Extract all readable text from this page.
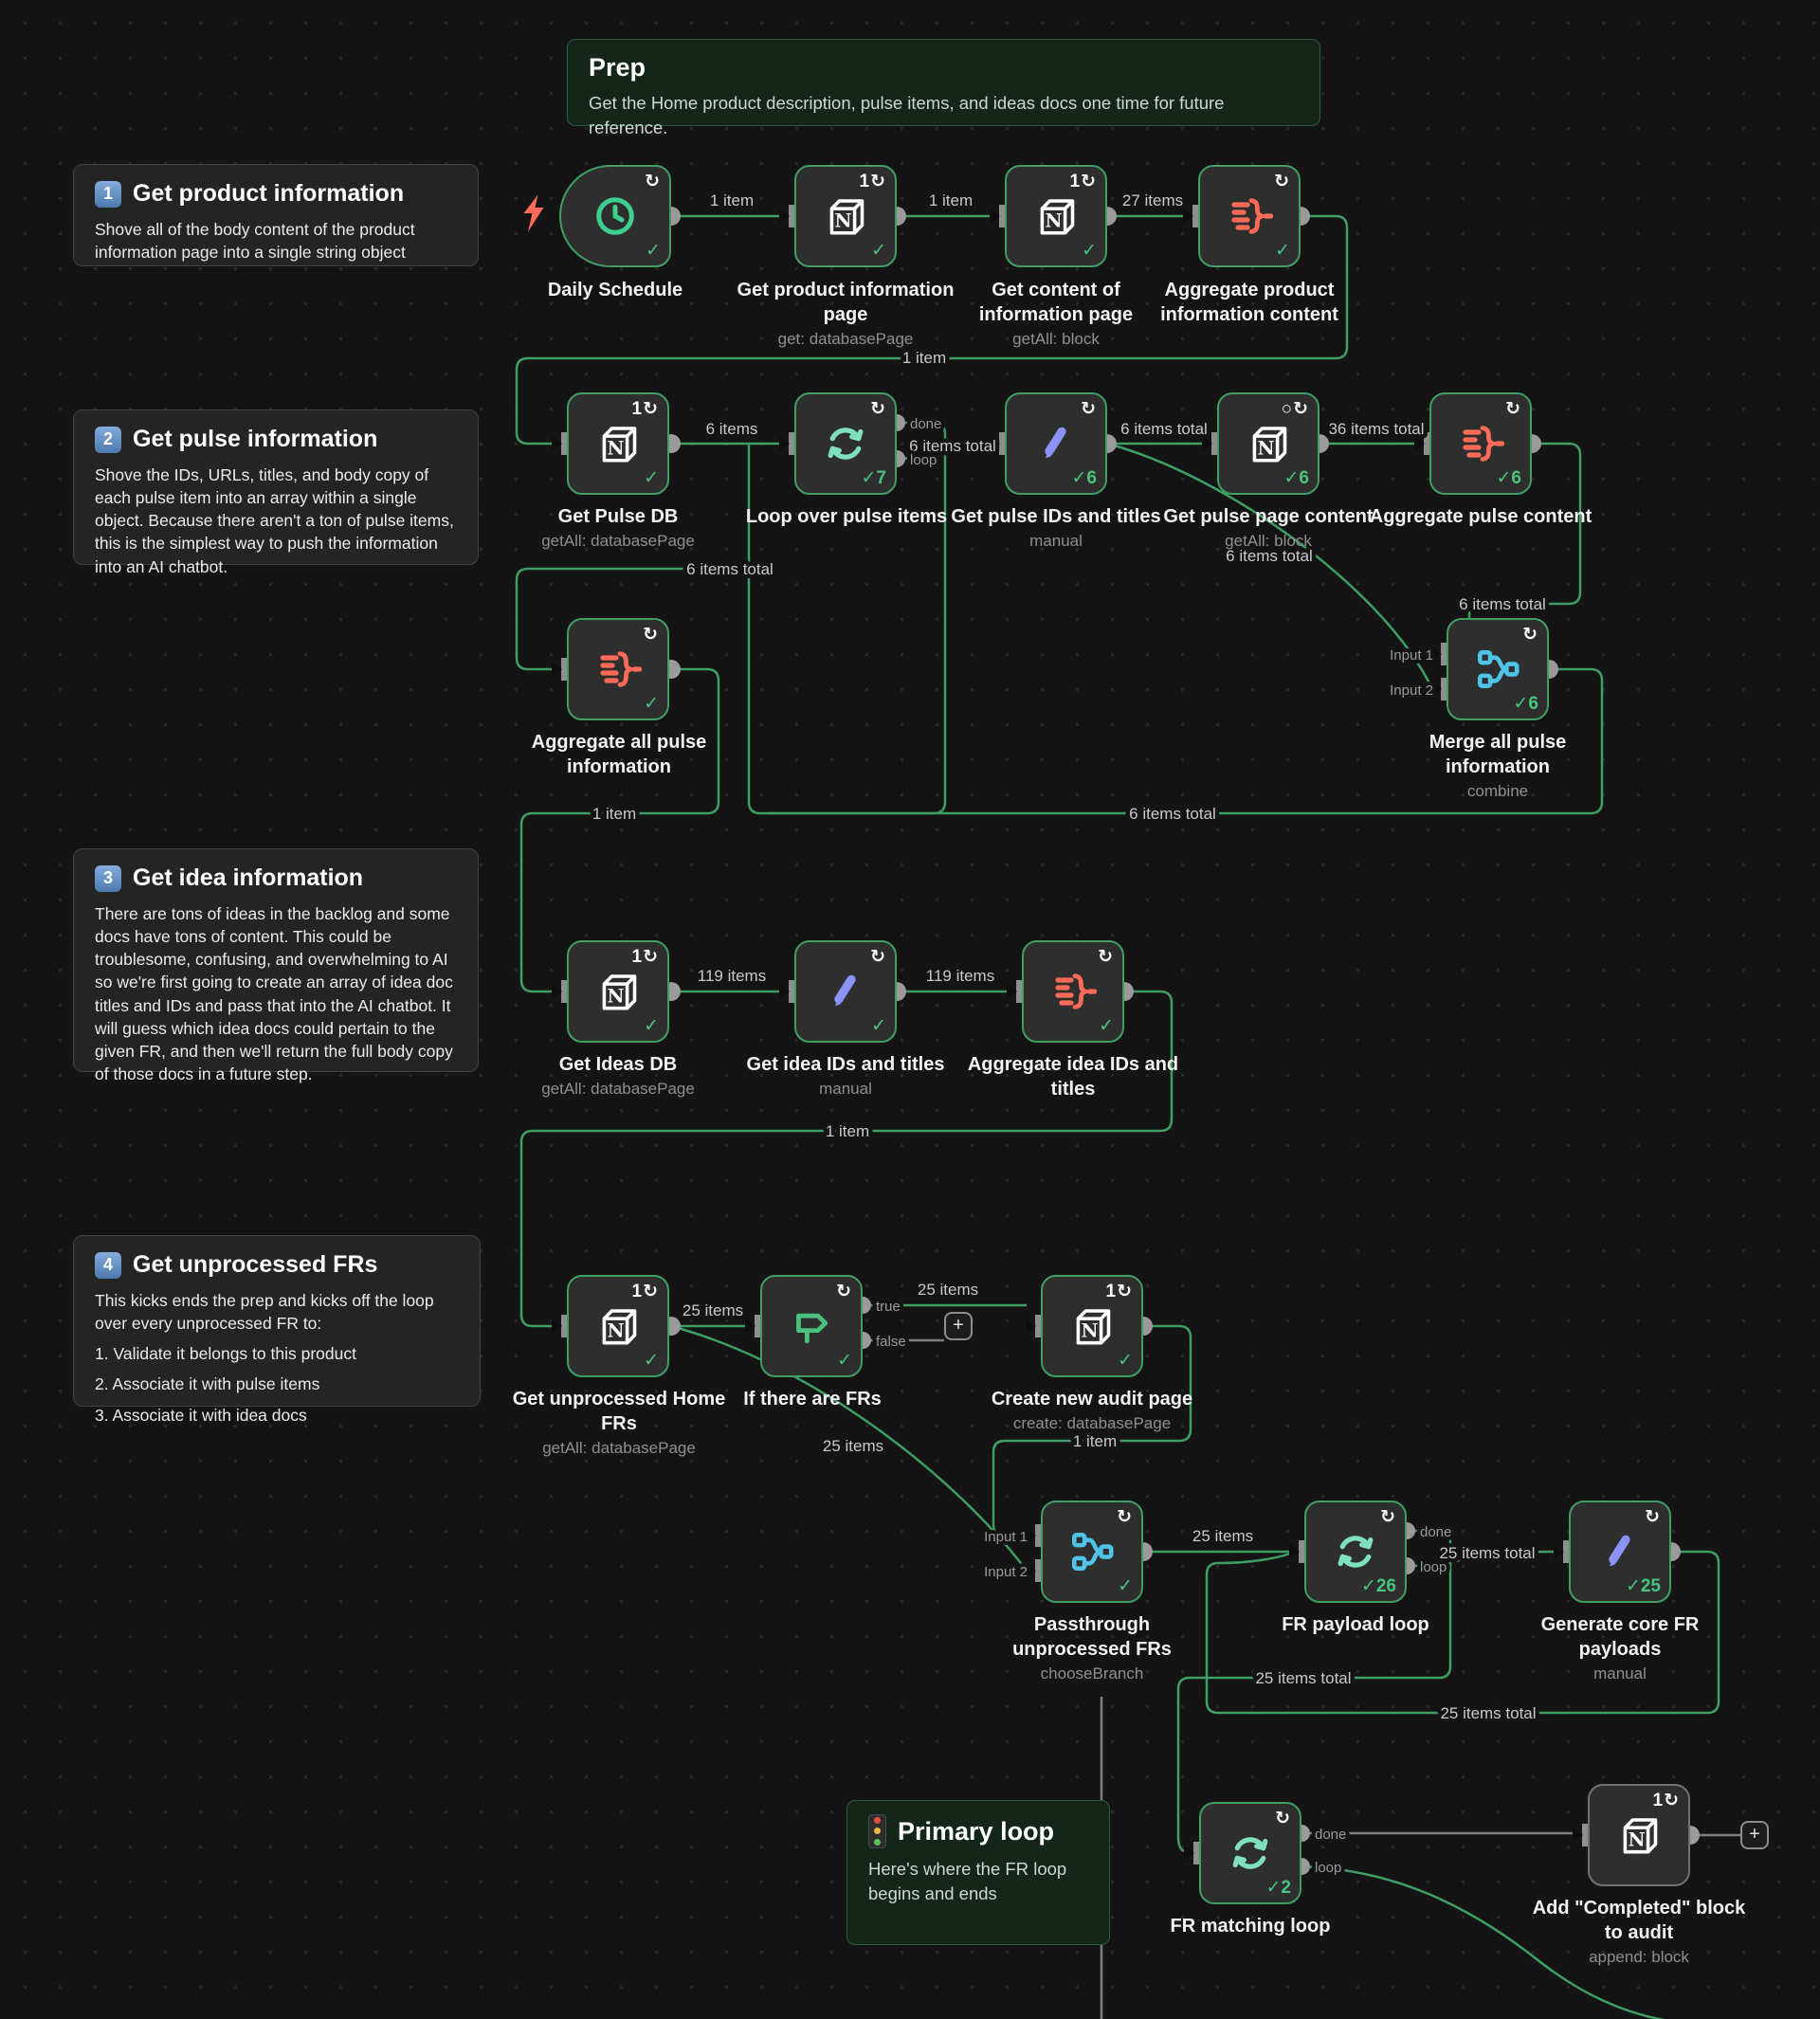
1 item	1 item	27 items
1 item
6 items
6 items total
6 items total	36 items total
6 items total
6 items total
6 items total
6 items total
1 item
119 items	119 items
1 item
25 items
25 items
25 items	1 item
25 items
25 items total
25 items total
25 items total
done
loop
Input 1
Input 2
true
false
Input 1
Input 2
done
loop
done
loop
Prep
Get the Home product description, pulse items, and ideas docs one time for future reference.
Primary loop
Here's where the FR loop begins and ends
1 Get product information
Shove all of the body content of the product information page into a single string object
2 Get pulse information
Shove the IDs, URLs, titles, and body copy of each pulse item into an array within a single object. Because there aren't a ton of pulse items, this is the simplest way to push the information into an AI chatbot.
3 Get idea information
There are tons of ideas in the backlog and some docs have tons of content. This could be troublesome, confusing, and overwhelming to AI so we're first going to create an array of idea doc titles and IDs and pass that into the AI chatbot. It will guess which idea docs could pertain to the given FR, and then we'll return the full body copy of those docs in a future step.
4 Get unprocessed FRs
This kicks ends the prep and kicks off the loop over every unprocessed FR to:
1. Validate it belongs to this product
2. Associate it with pulse items
3. Associate it with idea docs
↻
✓
Daily Schedule
1↻
✓
Get product information page
get: databasePage
1↻
✓
Get content of information page
getAll: block
↻
✓
Aggregate product information content
1↻
✓
Get Pulse DB
getAll: databasePage
↻
✓7
Loop over pulse items
↻
✓6
Get pulse IDs and titles
manual
○↻
✓6
Get pulse page content
getAll: block
↻
✓6
Aggregate pulse content
↻
✓
Aggregate all pulse information
↻
✓6
Merge all pulse information
combine
1↻
✓
Get Ideas DB
getAll: databasePage
↻
✓
Get idea IDs and titles
manual
↻
✓
Aggregate idea IDs and titles
1↻
✓
Get unprocessed Home FRs
getAll: databasePage
↻
✓
If there are FRs
1↻
✓
Create new audit page
create: databasePage
↻
✓
Passthrough unprocessed FRs
chooseBranch
↻
✓26
FR payload loop
↻
✓25
Generate core FR payloads
manual
↻
✓2
FR matching loop
1↻
Add "Completed" block to audit
append: block
+
+
